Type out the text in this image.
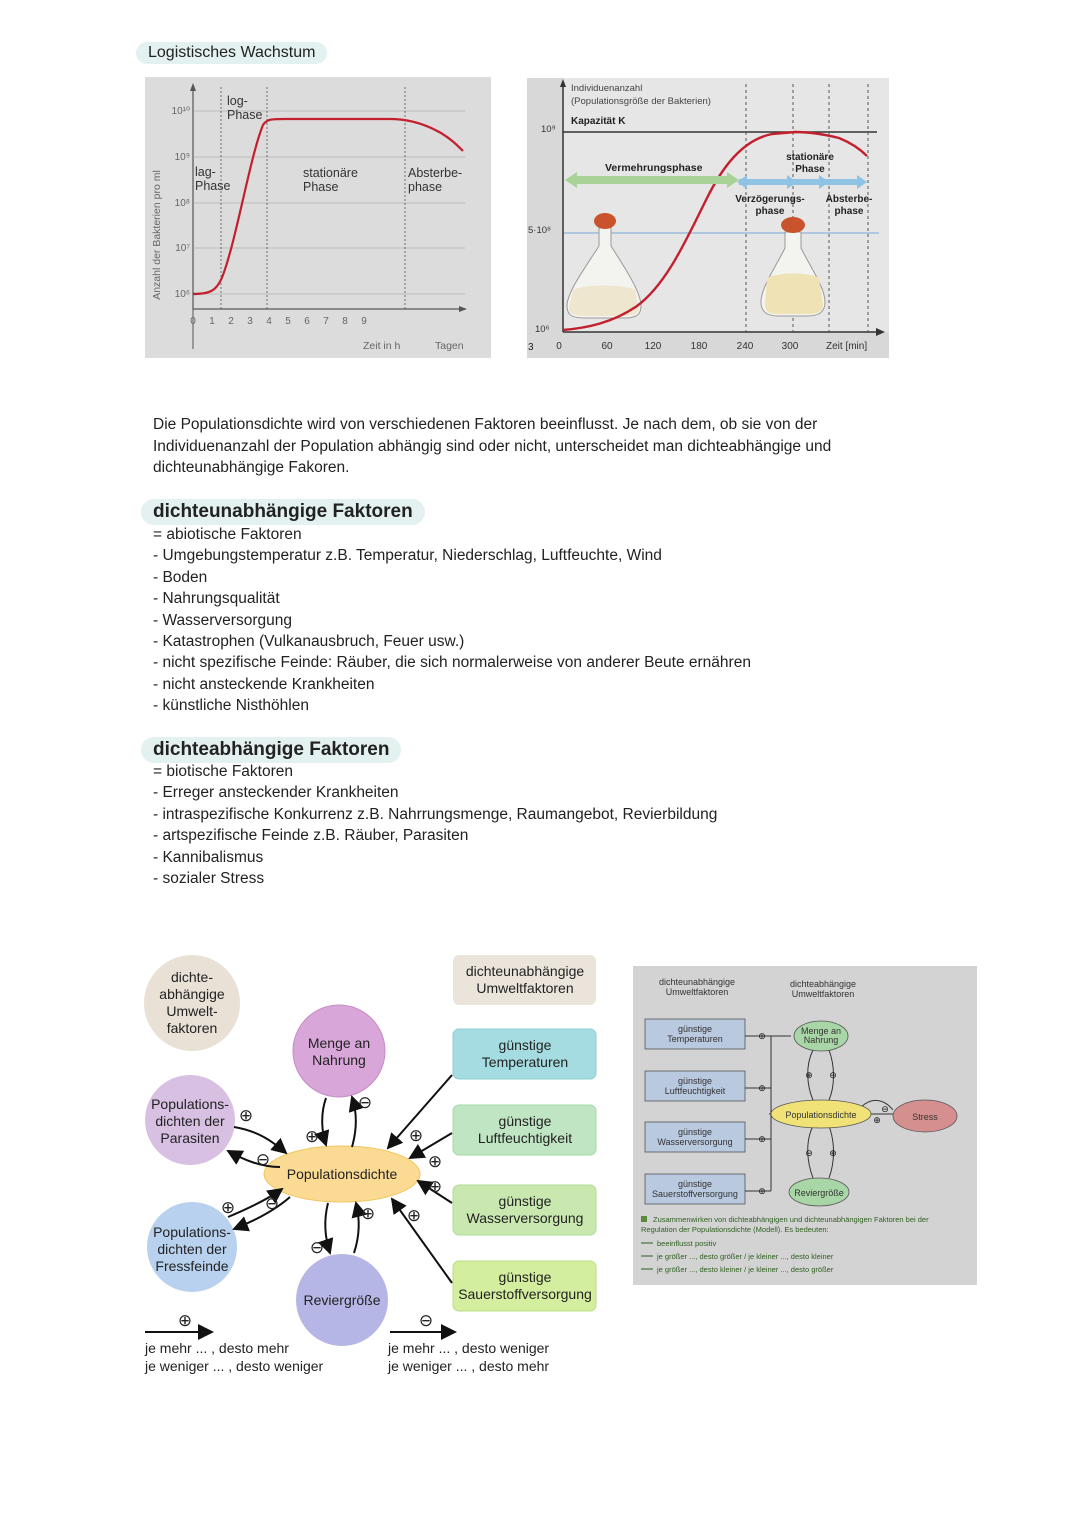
Logistisches Wachstum
Anzahl der Bakterien pro ml
10¹⁰
10⁹
10⁸
10⁷
10⁶
0 1 2 3 4 5 6 7 8 9
Zeit in h	Tagen
lag-Phase
log-Phase
stationäre Phase
Absterbe-phase
Individuenanzahl
(Populationsgröße der Bakterien)
Kapazität K
10⁹
5·10⁸
10⁶
3 0	60	120	180	240	300	Zeit [min]
Vermehrungsphase
stationäre Phase
Verzögerungs-phase
Absterbe-phase
Die Populationsdichte wird von verschiedenen Faktoren beeinflusst. Je nach dem, ob sie von der Individuenanzahl der Population abhängig sind oder nicht, unterscheidet man dichteabhängige und dichteunabhängige Fakoren.
dichteunabhängige Faktoren
= abiotische Faktoren
- Umgebungstemperatur z.B. Temperatur, Niederschlag, Luftfeuchte, Wind
- Boden
- Nahrungsqualität
- Wasserversorgung
- Katastrophen (Vulkanausbruch, Feuer usw.)
- nicht spezifische Feinde: Räuber, die sich normalerweise von anderer Beute ernähren
- nicht ansteckende Krankheiten
- künstliche Nisthöhlen
dichteabhängige Faktoren
= biotische Faktoren
- Erreger ansteckender Krankheiten
- intraspezifische Konkurrenz z.B. Nahrrungsmenge, Raumangebot, Revierbildung
- artspezifische Feinde z.B. Räuber, Parasiten
- Kannibalismus
- sozialer Stress
⊕
⊖
⊕
⊖
⊕ ⊖
⊖
⊕
⊕
⊕
⊕
⊕
dichte-abhängige Umwelt-faktoren
Menge an Nahrung
Populations-dichten der Parasiten
Populations-dichten der Fressfeinde
Reviergröße
Populationsdichte
dichteunabhängige Umweltfaktoren
günstige Temperaturen
günstige Luftfeuchtigkeit
günstige Wasserversorgung
günstige Sauerstoffversorgung
⊕
je mehr ... , desto mehr je weniger ... , desto weniger
⊖
je mehr ... , desto weniger je weniger ... , desto mehr
dichteunabhängige Umweltfaktoren
dichteabhängige Umweltfaktoren
günstige Temperaturen
günstige Luftfeuchtigkeit
günstige Wasserversorgung
günstige Sauerstoffversorgung
Menge an Nahrung
Populationsdichte	Stress
Reviergröße
⊕
⊕
⊕
⊕
⊕ ⊖
⊖ ⊕
⊖
⊕
Zusammenwirken von dichteabhängigen und dichteunabhängigen Faktoren bei der Regulation der Populationsdichte (Modell). Es bedeuten:
beeinflusst positiv
je größer ..., desto größer / je kleiner ..., desto kleiner
je größer ..., desto kleiner / je kleiner ..., desto größer
